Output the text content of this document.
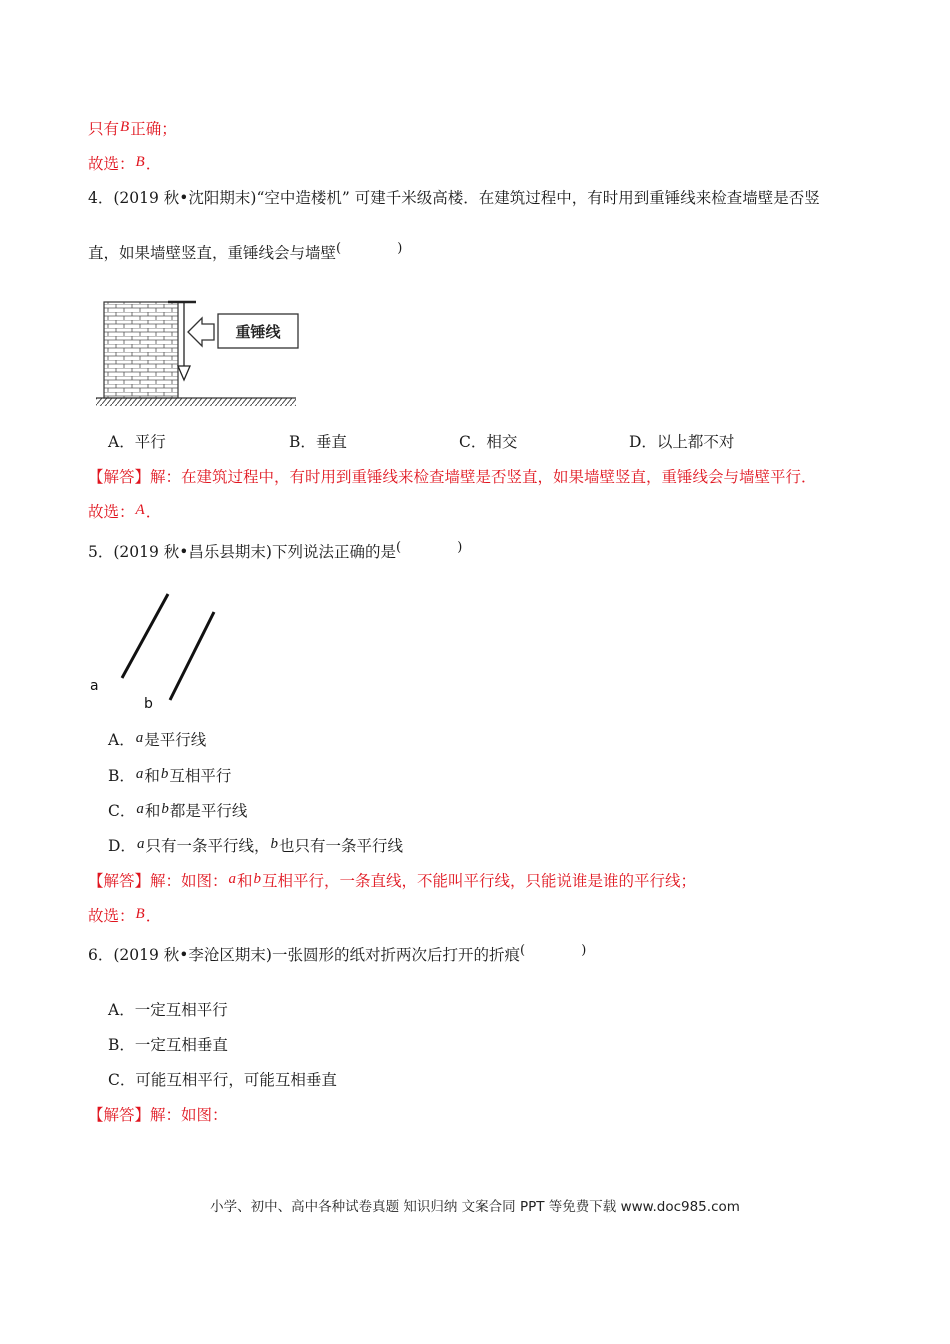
只有B正确；
故选：B．
4．(2019 秋•沈阳期末)“空中造楼机” 可建千米级高楼．在建筑过程中，有时用到重锤线来检查墙壁是否竖
直，如果墙壁竖直，重锤线会与墙壁( )
重锤线
A．平行	B．垂直	C．相交	D．以上都不对
【解答】解：在建筑过程中，有时用到重锤线来检查墙壁是否竖直，如果墙壁竖直，重锤线会与墙壁平行．
故选：A．
5．(2019 秋•昌乐县期末)下列说法正确的是( )
a
b
A．a是平行线
B．a和b互相平行
C．a和b都是平行线
D．a只有一条平行线，b也只有一条平行线
【解答】解：如图：a和b互相平行，一条直线，不能叫平行线，只能说谁是谁的平行线；
故选：B．
6．(2019 秋•李沧区期末)一张圆形的纸对折两次后打开的折痕( )
A．一定互相平行
B．一定互相垂直
C．可能互相平行，可能互相垂直
【解答】解：如图：
小学、初中、高中各种试卷真题 知识归纳 文案合同 PPT 等免费下载 www.doc985.com
